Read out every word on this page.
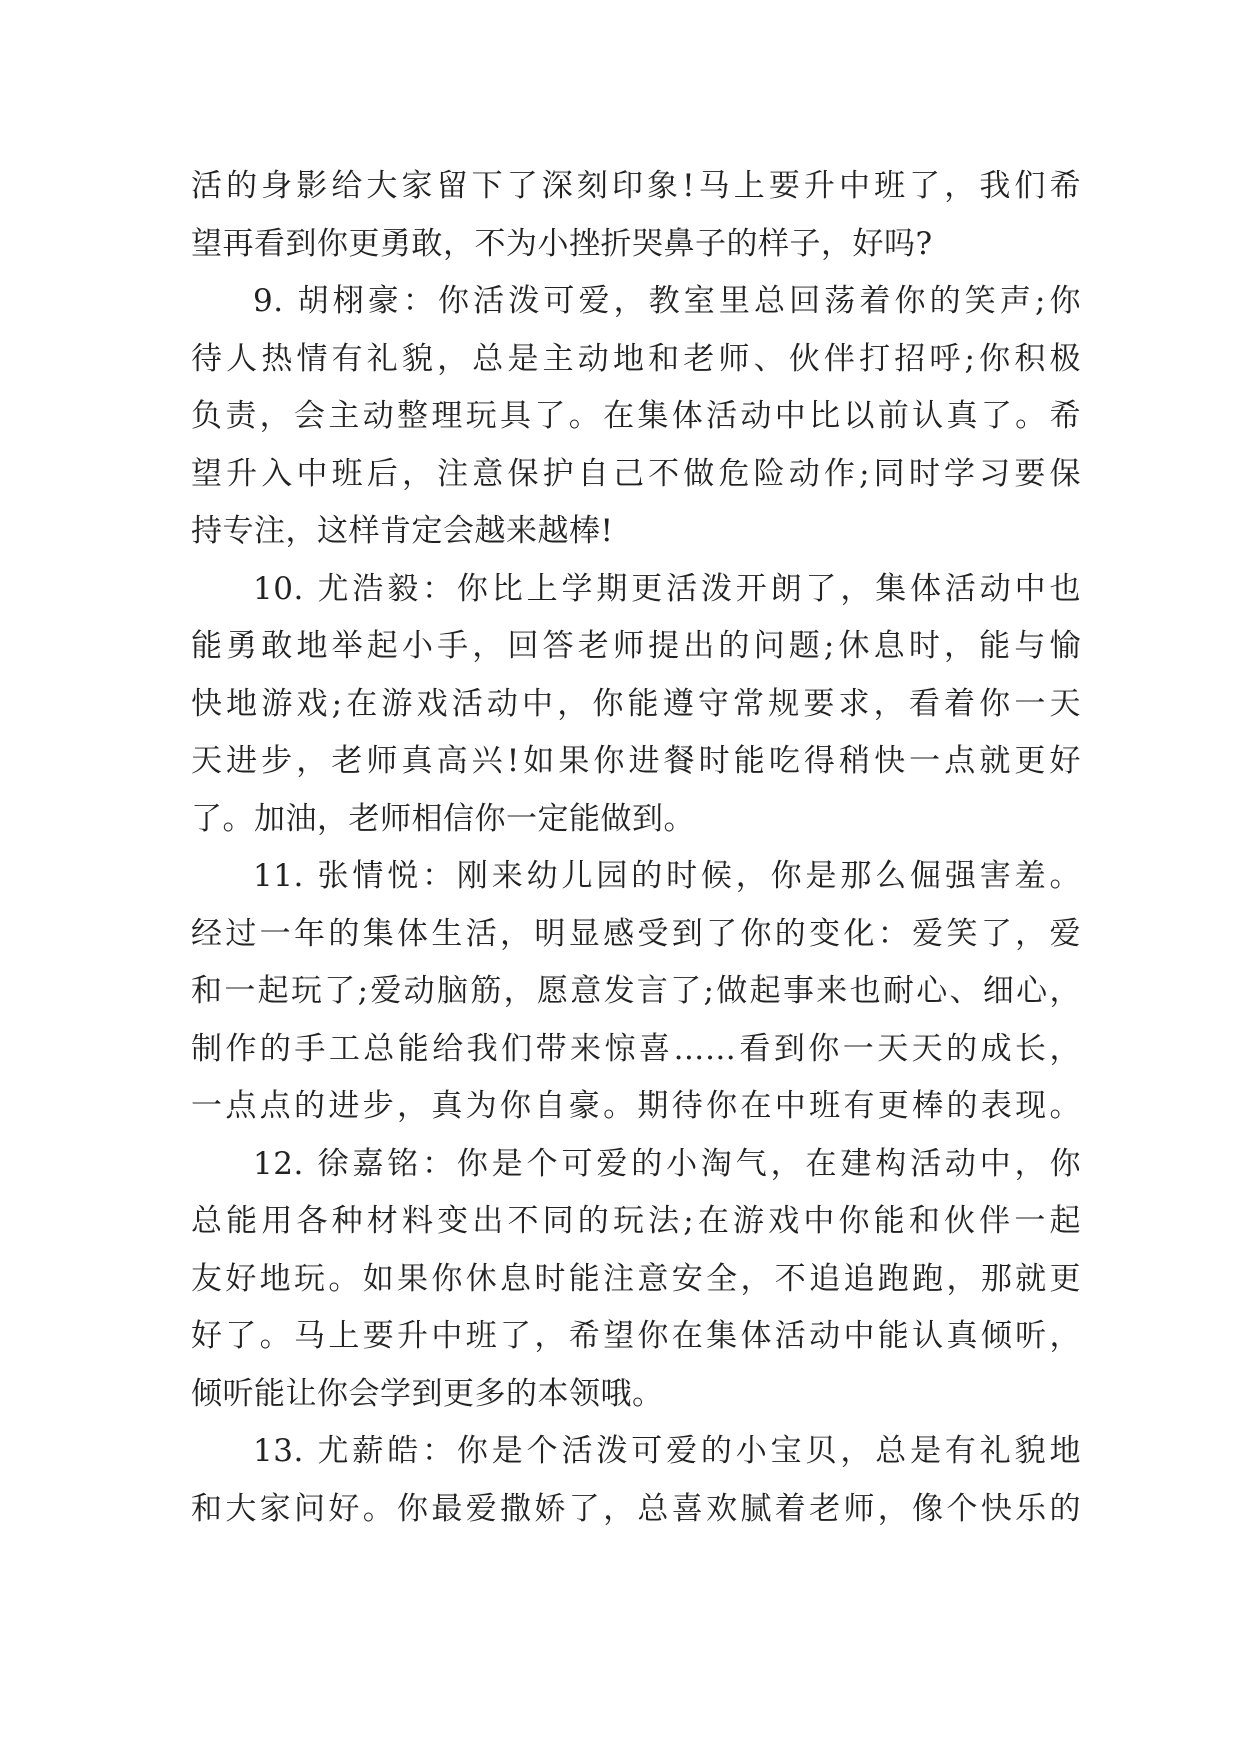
活的身影给大家留下了深刻印象!马上要升中班了，我们希
望再看到你更勇敢，不为小挫折哭鼻子的样子，好吗?
9. 胡栩豪：你活泼可爱，教室里总回荡着你的笑声;你
待人热情有礼貌，总是主动地和老师、伙伴打招呼;你积极
负责，会主动整理玩具了。在集体活动中比以前认真了。希
望升入中班后，注意保护自己不做危险动作;同时学习要保
持专注，这样肯定会越来越棒!
10. 尤浩毅：你比上学期更活泼开朗了，集体活动中也
能勇敢地举起小手，回答老师提出的问题;休息时，能与愉
快地游戏;在游戏活动中，你能遵守常规要求，看着你一天
天进步，老师真高兴!如果你进餐时能吃得稍快一点就更好
了。加油，老师相信你一定能做到。
11. 张情悦：刚来幼儿园的时候，你是那么倔强害羞。
经过一年的集体生活，明显感受到了你的变化：爱笑了，爱
和一起玩了;爱动脑筋，愿意发言了;做起事来也耐心、细心，
制作的手工总能给我们带来惊喜……看到你一天天的成长，
一点点的进步，真为你自豪。期待你在中班有更棒的表现。
12. 徐嘉铭：你是个可爱的小淘气，在建构活动中，你
总能用各种材料变出不同的玩法;在游戏中你能和伙伴一起
友好地玩。如果你休息时能注意安全，不追追跑跑，那就更
好了。马上要升中班了，希望你在集体活动中能认真倾听，
倾听能让你会学到更多的本领哦。
13. 尤薪皓：你是个活泼可爱的小宝贝，总是有礼貌地
和大家问好。你最爱撒娇了，总喜欢腻着老师，像个快乐的
